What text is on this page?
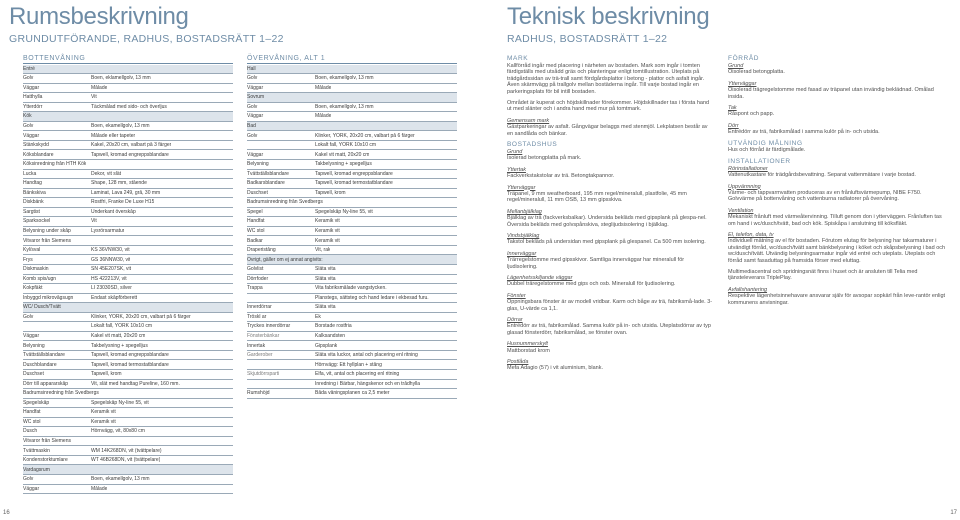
Rumsbeskrivning
GRUNDUTFÖRANDE, RADHUS, BOSTADSRÄTT 1–22
BOTTENVÅNING
Entré
Golv	Boen, eklamellgolv, 13 mm
Väggar	Målade
Hatthylla	Vit
Ytterdörr	Täckmålad med sido- och överljus
Kök
Golv	Boen, ekamellgolv, 13 mm
Väggar	Målade eller tapeter
Stänkskydd	Kakel, 20x20 cm, valbart på 3 färger
Köksblandare	Tapwell, kromad engreppsblandare
Köksinredning från HTH Kök
Lucka	Dekor, vit slät
Handtag	Shape, 128 mm, stående
Bänkskiva	Laminat, Lava 249, grå, 30 mm
Diskbänk	Rostfri, Franke De Luxe H15
Sargtist	Underkant överskåp
Sparksockel	Vit
Belysning under skåp	Lysrörsarmatur
Vitvaror från Siemens
Kyl/sval	KS 36VNW30, vit
Frys	GS 36NNW30, vit
Diskmaskin	SN 45E207SK, vit
Komb spis/ugn	HS 422213V, vit
Kokpfäkt	LI 23030SD, silver
Inbyggd mikrovågsugn	Endast skåpförberett
WC/ Dusch/Tvätt
Golv	Klinker, YORK, 20x20 cm, valbart på 6 färger
Lokalt fall, YORK 10x10 cm
Väggar	Kakel vit matt, 20x20 cm
Belysning	Takbelysning + spegelljus
Tvättställsblandare	Tapwell, kromad engreppsblandare
Duschblandare	Tapwell, kromad termostatblandare
Duschset	Tapwell, krom
Dörr till appararskåp	Vit, slät med handtag Pureline, 160 mm.
Badrumsinredning från Svedbergs
Spegelskåp	Spegelskåp Ny-line 55, vit
Handfat	Keramik vit
WC stol	Keramik vit
Dusch	Hörnvägg, vit, 80x80 cm
Vitvaror från Siemens
Tvättmaskin	WM 14K268DN, vit (tvättpelare)
Kondenstorktumlare	WT 46B268DN, vit (tvättpelare)
Vardagsrum
Golv	Boen, ekamellgolv, 13 mm
Väggar	Målade
ÖVERVÅNING, ALT 1
Hall
Golv	Boen, ekamellgolv, 13 mm
Väggar	Målade
Sovrum
Golv	Boen, ekamellgolv, 13 mm
Väggar	Målade
Bad
Golv	Klinker, YORK, 20x20 cm, valbart på 6 färger
Lokalt fall, YORK 10x10 cm
Väggar	Kakel vit matt, 20x20 cm
Belysning	Takbelysning + spegelljus
Tvättställsblandare	Tapwell, kromad engreppsblandare
Badkarsblandare	Tapwell, kromad termostatblandare
Duschset	Tapwell, krom
Badrumsinredning från Svedbergs
Spegel	Spegelskåp Ny-line 55, vit
Handfat	Keramik vit
WC stol	Keramik vit
Badkar	Keramik vit
Draperistång	Vit, rak
Övrigt, gäller om ej annat angivits:
Golvlist	Släta vita
Dörrfoder	Släta vita
Trappa	Vita fabriksmålade vangstycken.
Planstegs, sättsteg och hand ledare i ekbesad furu.
Innerdörrar	Släta vita
Tröskl ar	Ek
Tryckes innerdörrar	Borstade rostfria
Fönsterbänkar	Kalksandsten
Innertak	Gipsplank
Garderober	Släta vita luckor, antal och placering enl ritning
Hörnvägg: Ett hyllplan + stång
Skjutdörrsparti	Elfa, vit, antal och placering enl ritning
Inredning i Bärbar, hängskenor och en trådhylla
Rumshöjd	Båda våningsplanen ca 2,5 meter
16
Teknisk beskrivning
RADHUS, BOSTADSRÄTT 1–22
MARK
Kallförråd ingår med placering i närheten av bostaden. Mark som ingår i tomten färdigställs med utsådd gräs och planteringar enligt tomtillustration. Uteplats på trädgårdssidan av trä-trall samt fördgårdsplattor i betong - plattor och asfalt ingår. Även skärmvägg på trallgolv mellan bostäderna ingår. Till varje bostad ingår en parkeringsplats för bil intill bostaden.
Området är kuperat och höjdskillnader förekommer. Höjdskillnader tas i första hand ut med slänter och i andra hand med mur på tomtmark.
Gemensam mark
Gästparkeringar av asfalt. Gångvägar belaggs med stenmjöl. Lekplatsen består av en sandlåda och bänkar.
BOSTADSHUS
Grund
Isolerad betongplatta på mark.
Yttertak
Fackverkstakstolar av trä. Betongtakpannor.
Ytterväggar
Träpanel, 9 mm weatherboard, 195 mm regel/mineralull, plastfolie, 45 mm regel/mineralull, 11 mm OSB, 13 mm gipsskiva.
Mellanbjälklag
Bjälklag av trä (fackverksbalkar). Undersida bekläds med gipsplank på glespa-nel. Översida bekläds med golvspånskiva, steglijudsisolering i bjälklag.
Vindsbjälklag
Takstol bekläds på undersidan med gipsplank på glespanel. Ca 500 mm isolering.
Innerväggar
Trärregelstomme med gipsskivor. Samtliga innerväggar har mineralull för ljudisolering.
Lägenhetsskiljande väggar
Dubbel träregelstomme med gips och osb. Mineralull för ljudisolering.
Fönster
Öppningsbara fönster är av modell vridbar. Karm och båge av trä, fabriksmå-lade. 3-glas, U-värde ca 1,1.
Dörrar
Entrédörr av trä, fabriksmålad. Samma kulör på in- och utsida. Uteplatsdörrar av typ glasad fönsterdörr, fabriksmålad, se fönster ovan.
Husnummerskylt
Mattborstad krom
Postlåda
Mefa Adagio (57) i vit aluminium, blank.
FÖRRÅD
Grund
Oisolerad betongplatta.
Ytterväggar
Oisolerad trägregelstomme med fasad av träpanel utan invändig beklädnad. Omålad insida.
Tak
Råspont och papp.
Dörr
Entrédörr av trä, fabriksmålad i samma kulör på in- och utsida.
UTVÄNDIG MÅLNING
Hus och förråd är färdigmålade.
INSTALLATIONER
Rörinstallationer
Vattenutkastare för trädgårdsbevattning. Separat vattenmätare i varje bostad.
Uppvärmning
Värme- och tappvarmvatten produceras av en frånluftsvärmepump, NIBE F750. Golvvärme på bottenvåning och vattenburna radiatorer på övervåning.
Ventilation
Mekaniskt frånluft med värmeåtervinning. Tilluft genom don i ytterväggen. Frånluften tas om hand i wc/dusch/tvätt, bad och kök. Spiskåpa i anslutning till köksfläkt.
El, telefon, data, tv
Individuell mätning av el för bostaden. Förutom elutag för belysning har takarmaturer i utvändigt förråd, wc/dusch/tvätt samt bänkbelysning i köket och skåpsbelysning i bad och wc/dusch/tvätt. Utvändig belysningsarmatur ingår vid entré och uteplats. Uteplats och förråd samt fasaduttag på framsida förser med eluttag.
Multimediacentral och spridningsnät finns i huset och är ansluten till Telia med tjänsteleverans TriplePlay.
Avfallshantering
Respektive lägenhetsinnehavare ansvarar själv för avsopar sopkärl från leve-rantör enligt kommunens anvisningar.
17
